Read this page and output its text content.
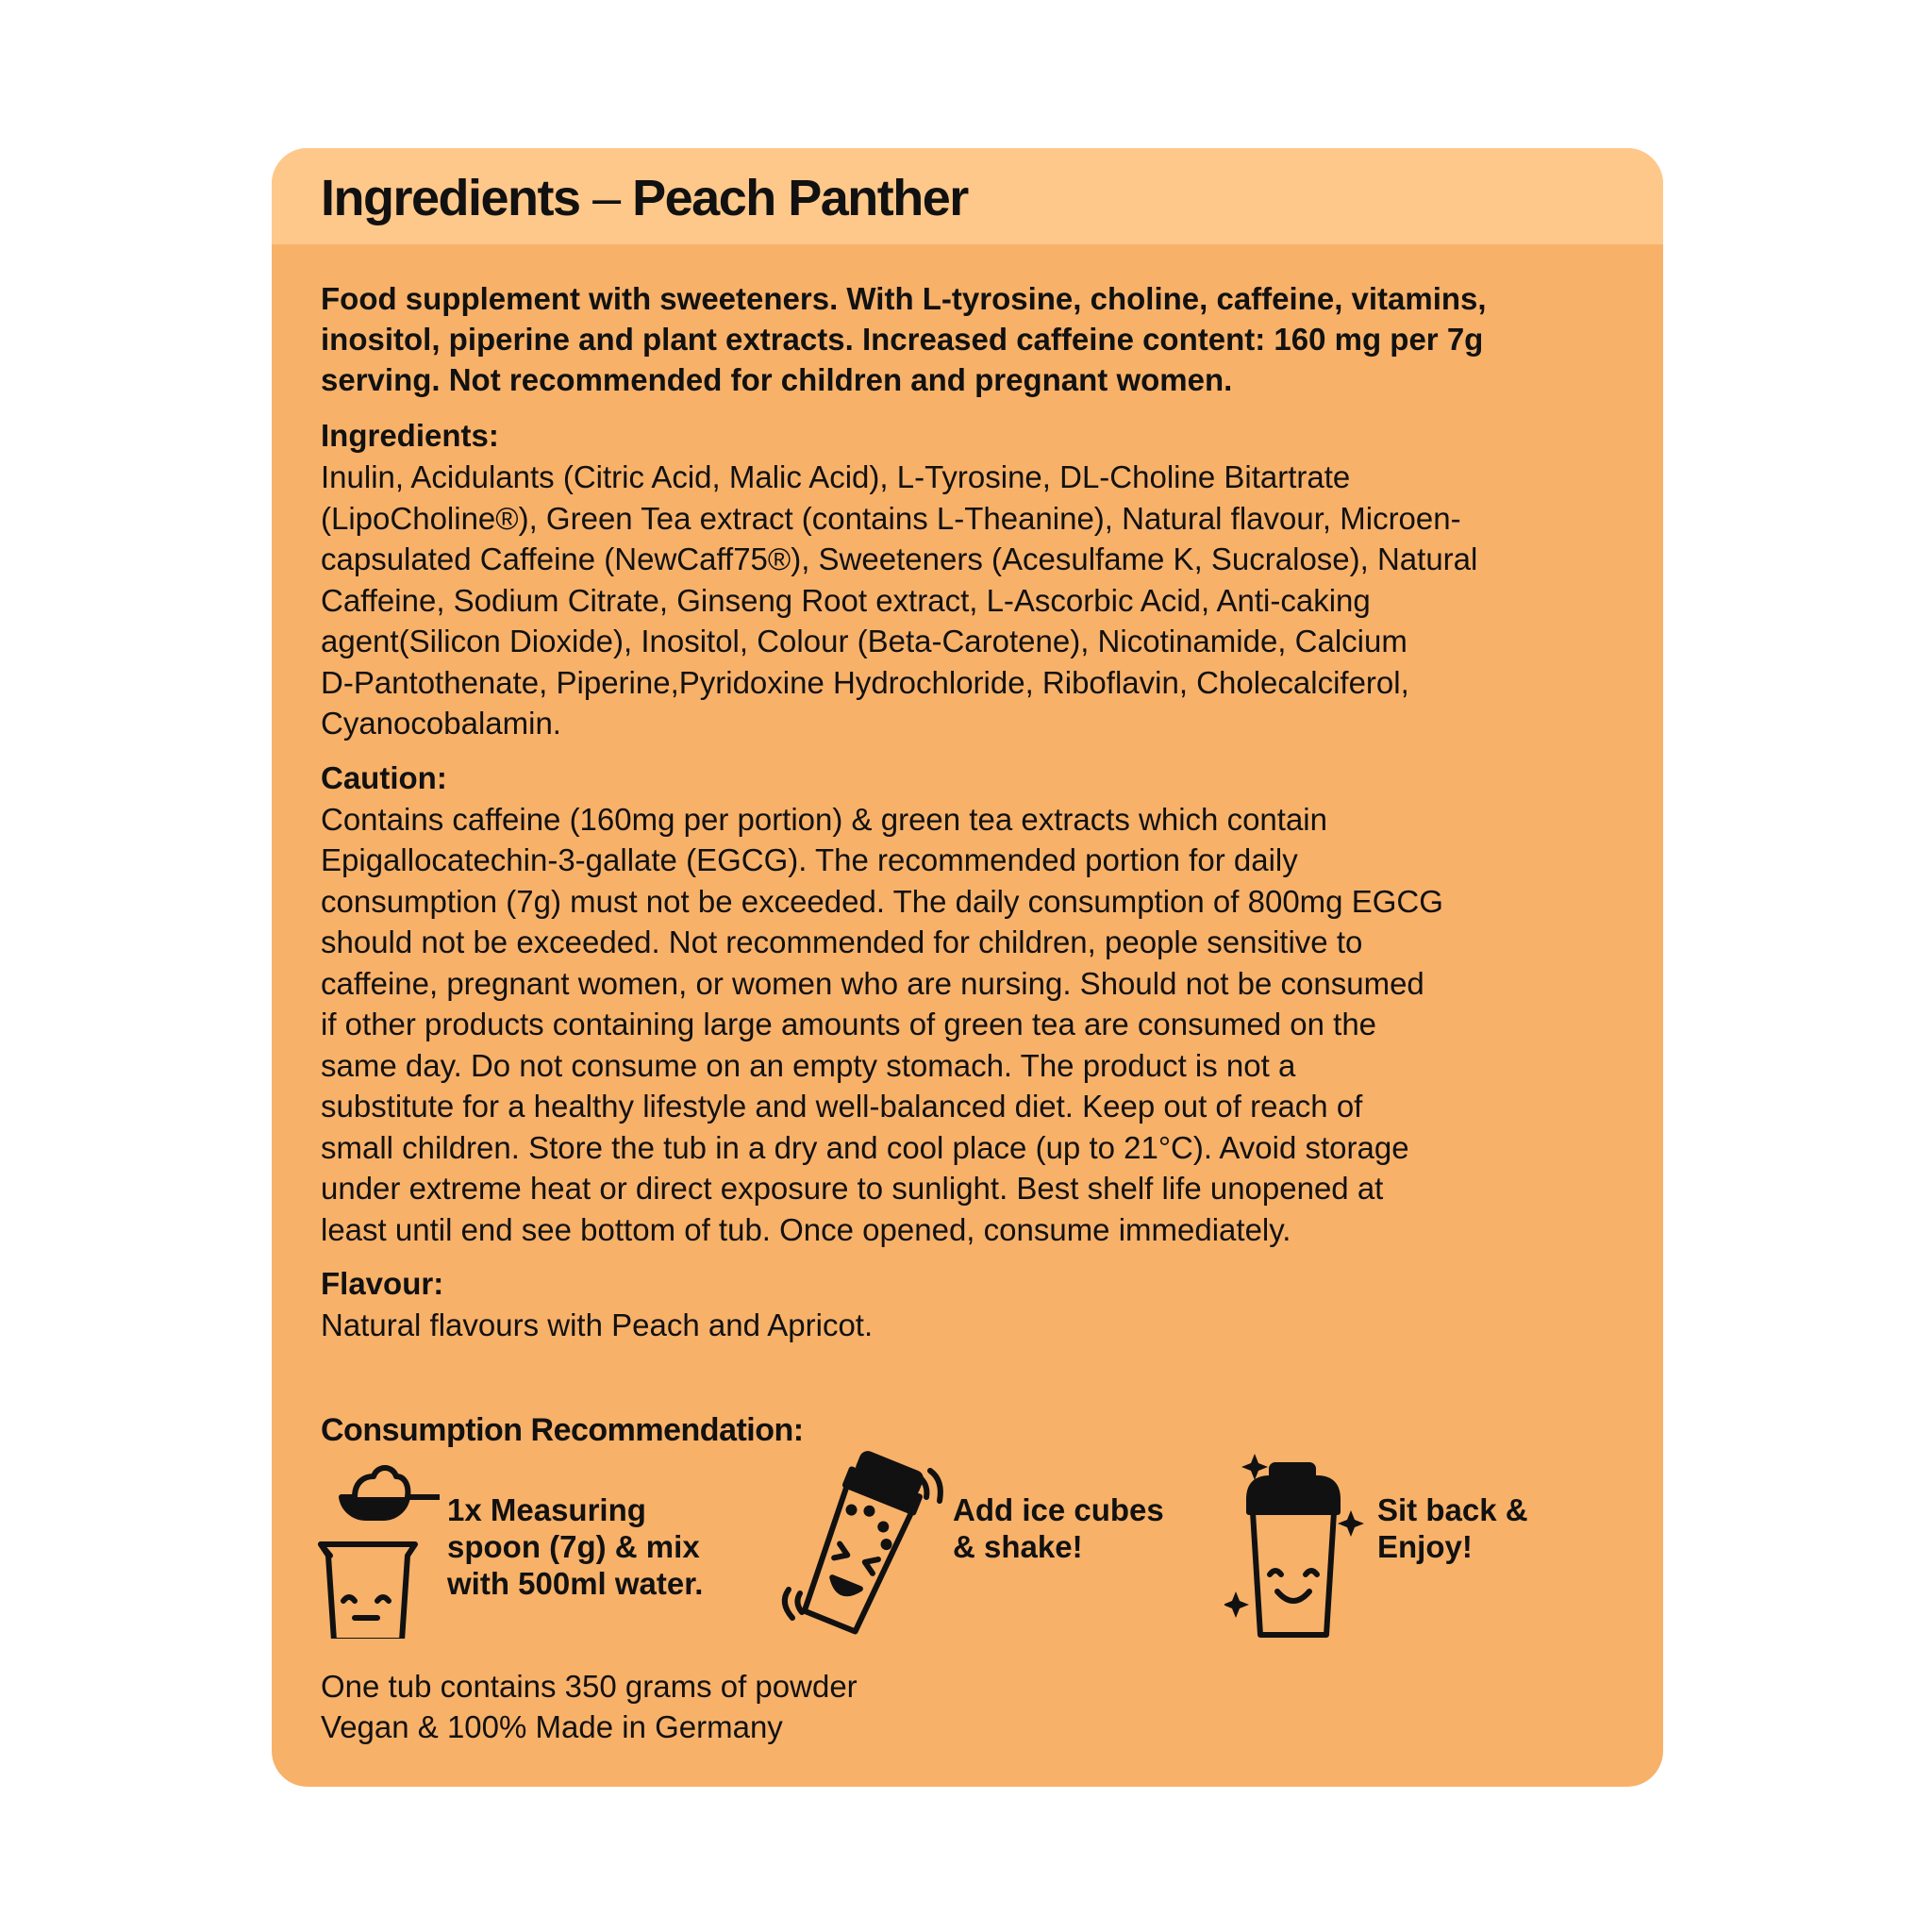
Ingredients – Peach Panther

Food supplement with sweeteners. With L-tyrosine, choline, caffeine, vitamins,
inositol, piperine and plant extracts. Increased caffeine content: 160 mg per 7g
serving. Not recommended for children and pregnant women.

Ingredients:

Inulin, Acidulants (Citric Acid, Malic Acid), L-Tyrosine, DL-Choline Bitartrate
(LipoCholine®), Green Tea extract (contains L-Theanine), Natural flavour, Microen-
capsulated Caffeine (NewCaff75®), Sweeteners (Acesulfame K, Sucralose), Natural
Caffeine, Sodium Citrate, Ginseng Root extract, L-Ascorbic Acid, Anti-caking
agent(Silicon Dioxide), Inositol, Colour (Beta-Carotene), Nicotinamide, Calcium
D-Pantothenate, Piperine,Pyridoxine Hydrochloride, Riboflavin, Cholecalciferol,
Cyanocobalamin.

Caution:

Contains caffeine (160mg per portion) & green tea extracts which contain
Epigallocatechin-3-gallate (EGCG). The recommended portion for daily
consumption (7g) must not be exceeded. The daily consumption of 800mg EGCG
should not be exceeded. Not recommended for children, people sensitive to
caffeine, pregnant women, or women who are nursing. Should not be consumed
if other products containing large amounts of green tea are consumed on the
same day. Do not consume on an empty stomach. The product is not a
substitute for a healthy lifestyle and well-balanced diet. Keep out of reach of
small children. Store the tub in a dry and cool place (up to 21°C). Avoid storage
under extreme heat or direct exposure to sunlight. Best shelf life unopened at
least until end see bottom of tub. Once opened, consume immediately.

Flavour:

Natural flavours with Peach and Apricot.

Consumption Recommendation:
1x Measuring
spoon (7g) & mix
with 500ml water.
Add ice cubes
& shake!
Sit back &
Enjoy!
One tub contains 350 grams of powder
Vegan & 100% Made in Germany
